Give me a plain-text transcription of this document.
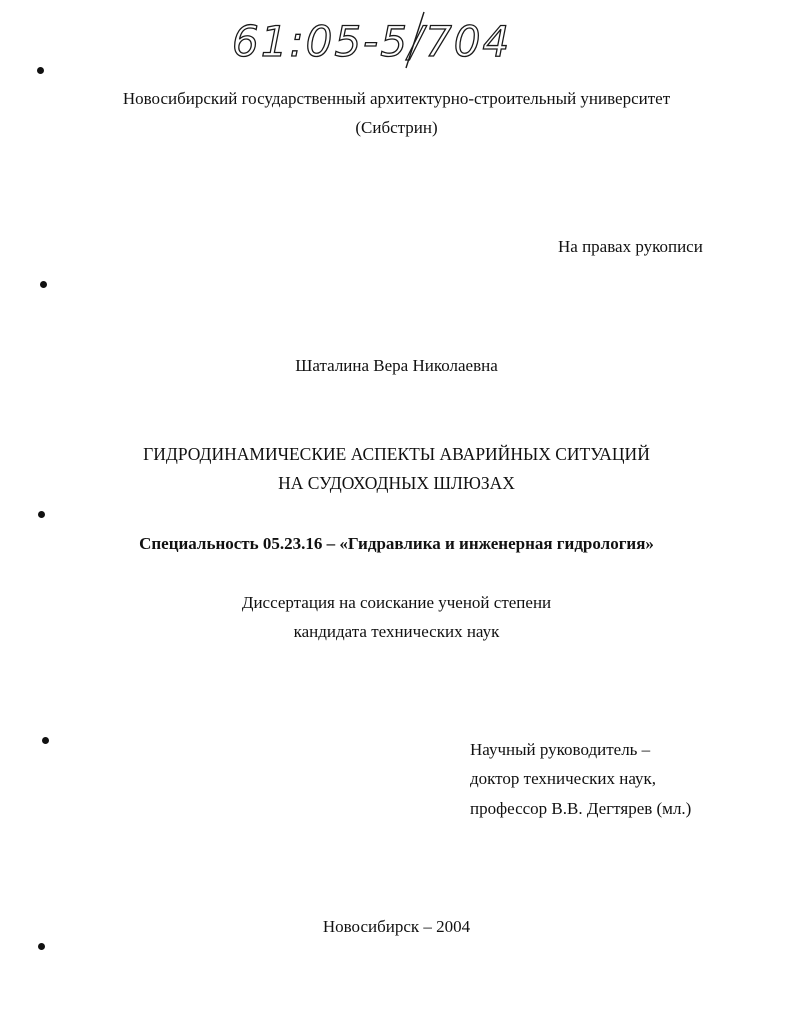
61:05-5/704
Новосибирский государственный архитектурно-строительный университет
(Сибстрин)
На правах рукописи
Шаталина Вера Николаевна
ГИДРОДИНАМИЧЕСКИЕ АСПЕКТЫ АВАРИЙНЫХ СИТУАЦИЙ
НА СУДОХОДНЫХ ШЛЮЗАХ
Специальность 05.23.16 – «Гидравлика и инженерная гидрология»
Диссертация на соискание ученой степени
кандидата технических наук
Научный руководитель –
доктор технических наук,
профессор В.В. Дегтярев (мл.)
Новосибирск – 2004
